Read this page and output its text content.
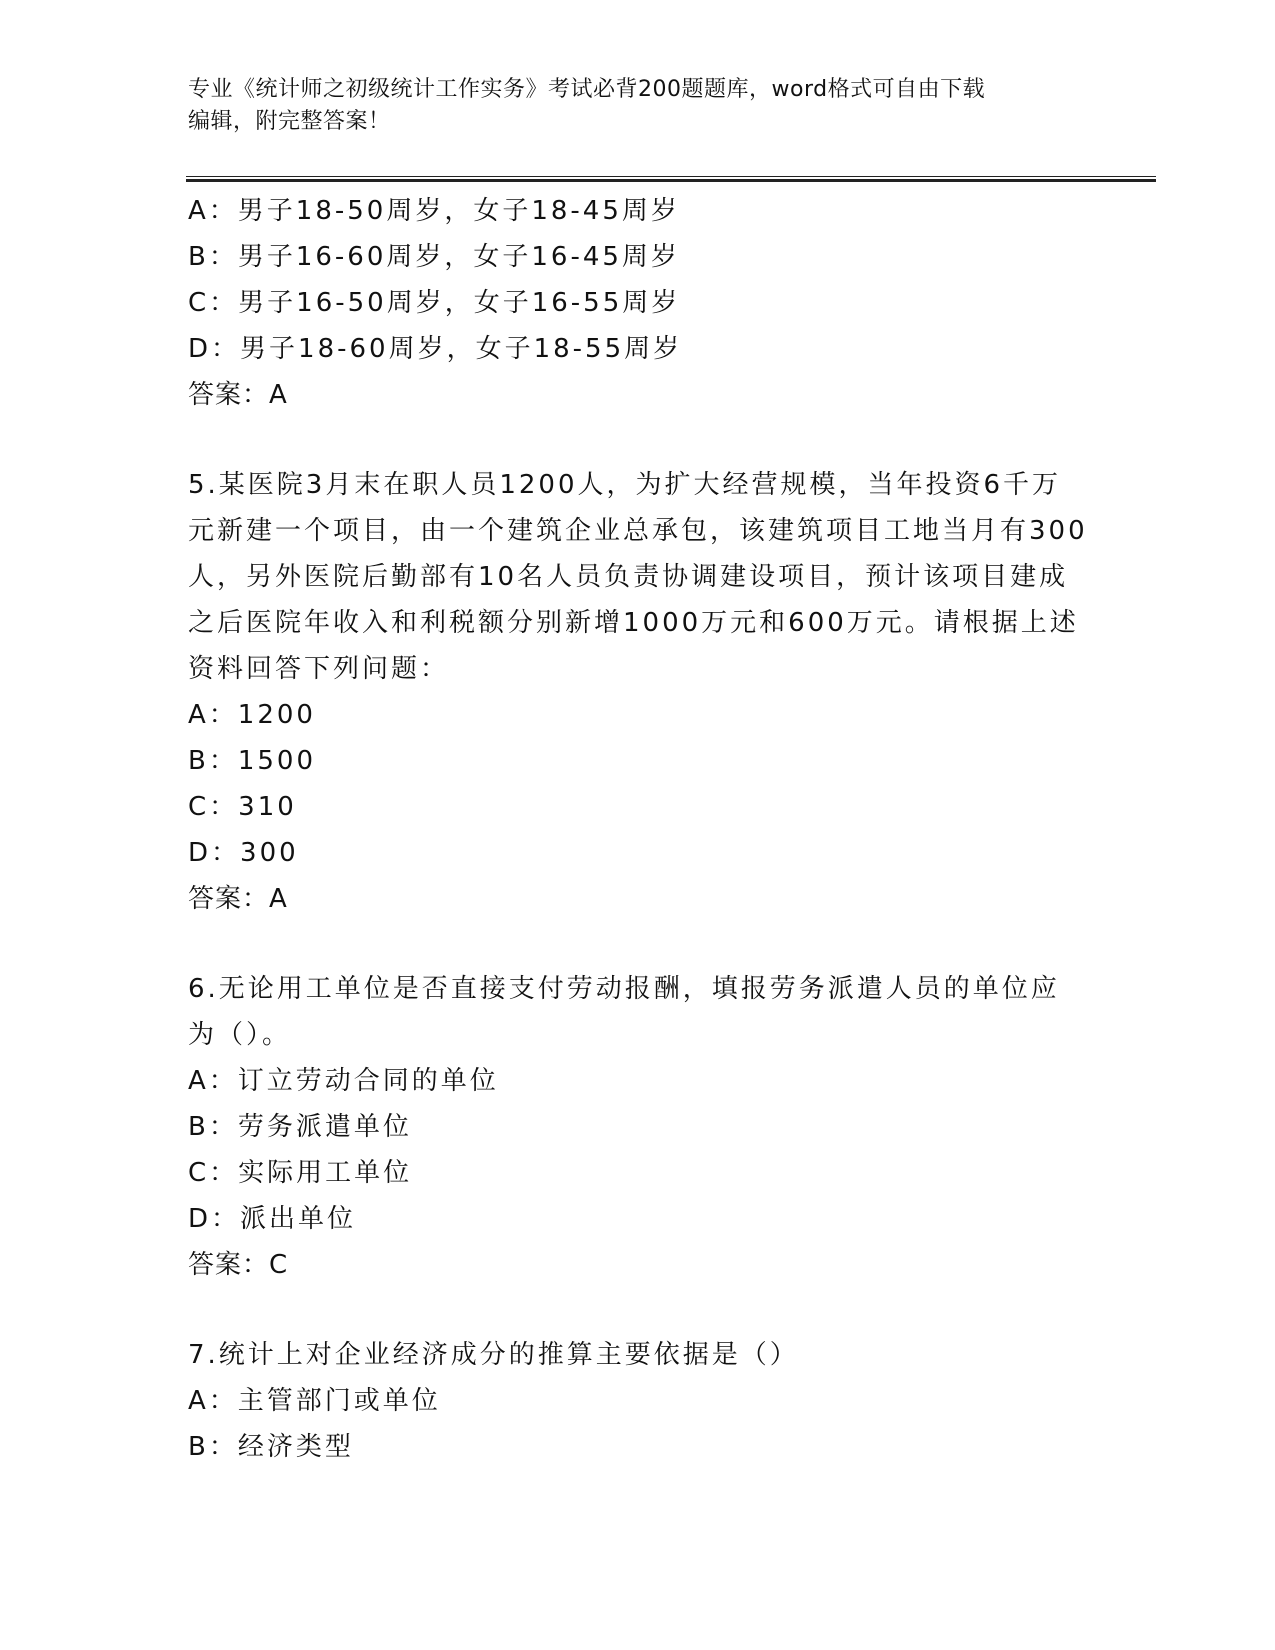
专业《统计师之初级统计工作实务》考试必背200题题库，word格式可自由下载
编辑，附完整答案！
A：男子18-50周岁，女子18-45周岁
B：男子16-60周岁，女子16-45周岁
C：男子16-50周岁，女子16-55周岁
D：男子18-60周岁，女子18-55周岁
答案：A
5.某医院3月末在职人员1200人，为扩大经营规模，当年投资6千万
元新建一个项目，由一个建筑企业总承包，该建筑项目工地当月有300
人，另外医院后勤部有10名人员负责协调建设项目，预计该项目建成
之后医院年收入和利税额分别新增1000万元和600万元。请根据上述
资料回答下列问题：
A：1200
B：1500
C：310
D：300
答案：A
6.无论用工单位是否直接支付劳动报酬，填报劳务派遣人员的单位应
为（）。
A：订立劳动合同的单位
B：劳务派遣单位
C：实际用工单位
D：派出单位
答案：C
7.统计上对企业经济成分的推算主要依据是（）
A：主管部门或单位
B：经济类型
